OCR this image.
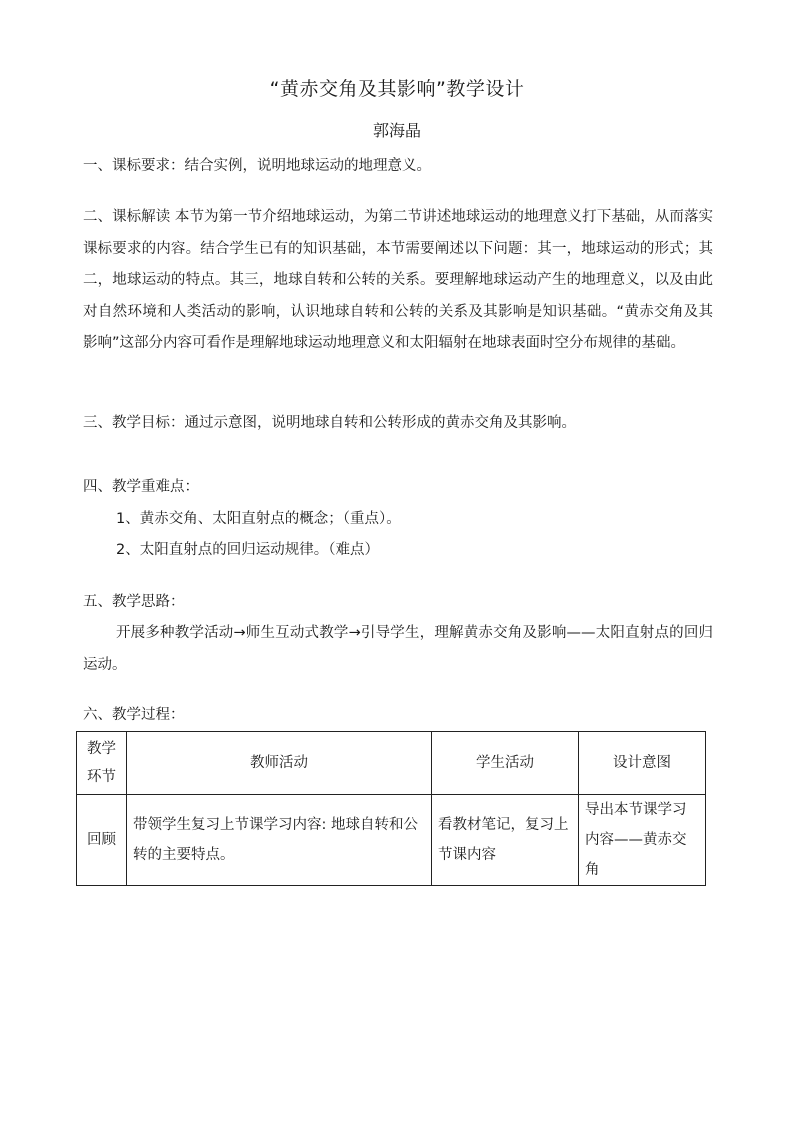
“黄赤交角及其影响”教学设计
郭海晶

一、课标要求：结合实例，说明地球运动的地理意义。

二、课标解读 本节为第一节介绍地球运动，为第二节讲述地球运动的地理意义打下基础，从而落实课标要求的内容。结合学生已有的知识基础，本节需要阐述以下问题：其一，地球运动的形式；其二，地球运动的特点。其三，地球自转和公转的关系。要理解地球运动产生的地理意义，以及由此对自然环境和人类活动的影响，认识地球自转和公转的关系及其影响是知识基础。“黄赤交角及其影响”这部分内容可看作是理解地球运动地理意义和太阳辐射在地球表面时空分布规律的基础。

三、教学目标：通过示意图，说明地球自转和公转形成的黄赤交角及其影响。

四、教学重难点：

1、黄赤交角、太阳直射点的概念；（重点）。

2、太阳直射点的回归运动规律。（难点）

五、教学思路：

开展多种教学活动→师生互动式教学→引导学生，理解黄赤交角及影响——太阳直射点的回归运动。

六、教学过程：

教学环节	教师活动	学生活动	设计意图
回顾	带领学生复习上节课学习内容: 地球自转和公转的主要特点。	看教材笔记，复习上节课内容	导出本节课学习内容——黄赤交角
